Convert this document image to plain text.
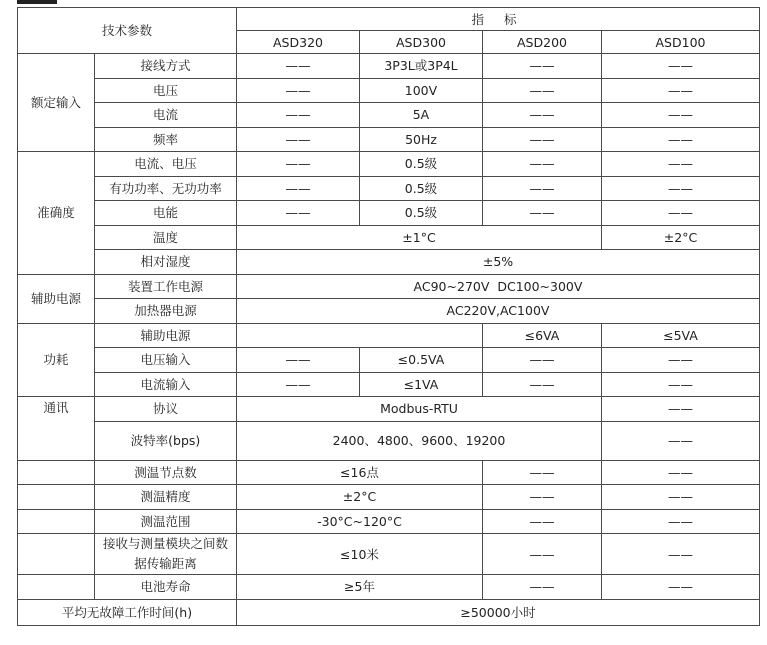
技术参数		指 标			
		ASD320	ASD300	ASD200	ASD100
额定输入	接线方式	——	3P3L或3P4L	——	——
	电压	——	100V	——	——
	电流	——	5A	——	——
	频率	——	50Hz	——	——
准确度	电流、电压	——	0.5级	——	——
	有功功率、无功功率	——	0.5级	——	——
	电能	——	0.5级	——	——
	温度	±1°C			±2°C
	相对湿度	±5%			
辅助电源	装置工作电源	AC90~270V  DC100~300V			
	加热器电源	AC220V,AC100V			
功耗	辅助电源			≤6VA	≤5VA
	电压输入	——	≤0.5VA	——	——
	电流输入	——	≤1VA	——	——
通讯	协议	Modbus-RTU			——
	波特率(bps)	2400、4800、9600、19200			——
	测温节点数	≤16点		——	——
	测温精度	±2°C		——	——
	测温范围	-30°C~120°C		——	——
	接收与测量模块之间数据传输距离	≤10米		——	——
	电池寿命	≥5年		——	——
平均无故障工作时间(h)		≥50000小时			
